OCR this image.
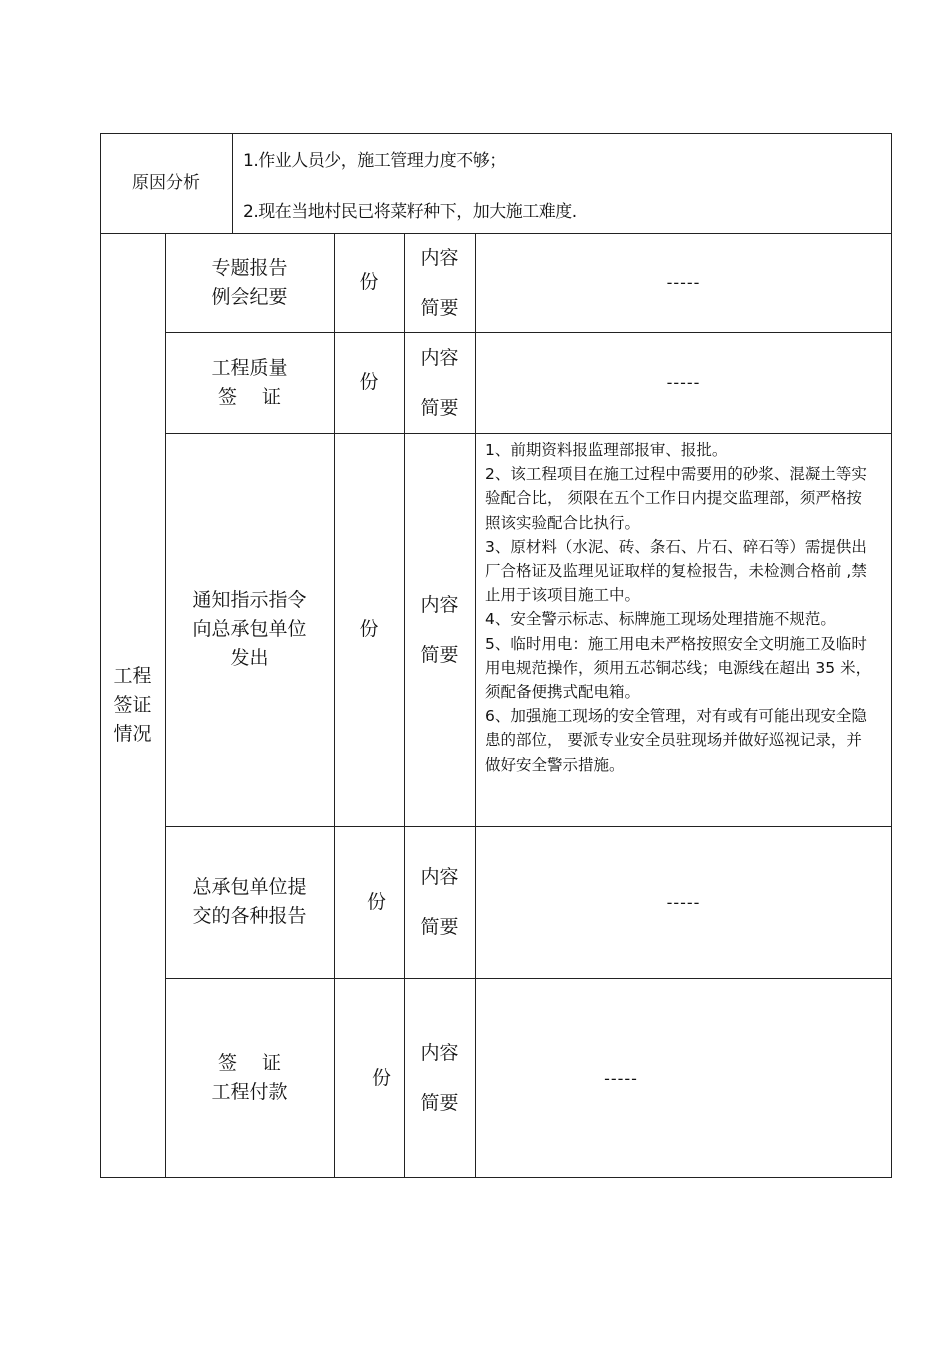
原因分析
1.作业人员少，施工管理力度不够；
2.现在当地村民已将菜籽种下，加大施工难度.
工程
签证
情况
专题报告
例会纪要
份
内容
简要
-----
工程质量
签　 证
份
内容
简要
-----
通知指示指令
向总承包单位
发出
份
内容
简要

1、前期资料报监理部报审、报批。

2、该工程项目在施工过程中需要用的砂浆、混凝土等实验配合比， 须限在五个工作日内提交监理部，须严格按照该实验配合比执行。

3、原材料（水泥、砖、条石、片石、碎石等）需提供出厂合格证及监理见证取样的复检报告，未检测合格前 ,禁止用于该项目施工中。

4、安全警示标志、标牌施工现场处理措施不规范。

5、临时用电：施工用电未严格按照安全文明施工及临时用电规范操作，须用五芯铜芯线；电源线在超出 35 米，须配备便携式配电箱。

6、加强施工现场的安全管理，对有或有可能出现安全隐患的部位， 要派专业安全员驻现场并做好巡视记录，并做好安全警示措施。

总承包单位提
交的各种报告
份
内容
简要
-----
签　 证
工程付款
份
内容
简要
-----
